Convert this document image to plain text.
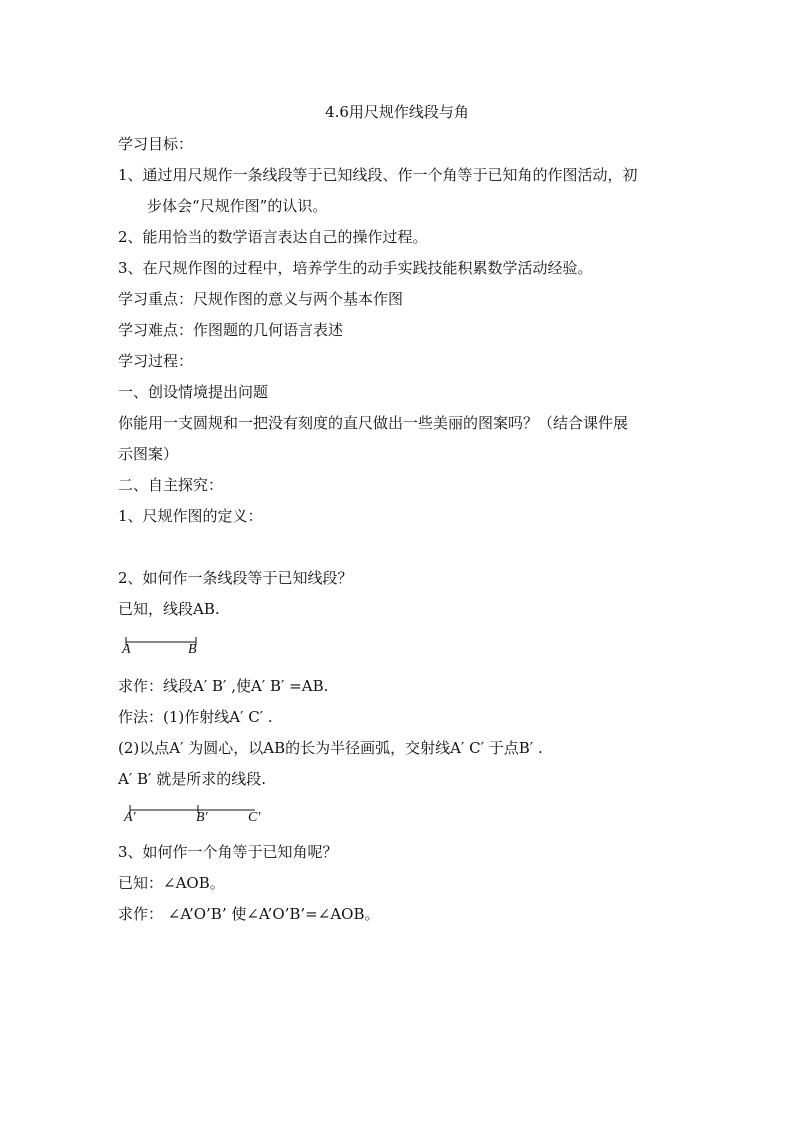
4.6用尺规作线段与角
学习目标：
1、通过用尺规作一条线段等于已知线段、作一个角等于已知角的作图活动，初
步体会“尺规作图”的认识。
2、能用恰当的数学语言表达自己的操作过程。
3、在尺规作图的过程中，培养学生的动手实践技能积累数学活动经验。
学习重点：尺规作图的意义与两个基本作图
学习难点：作图题的几何语言表述
学习过程：
一、创设情境提出问题
你能用一支圆规和一把没有刻度的直尺做出一些美丽的图案吗？（结合课件展
示图案）
二、自主探究：
1、尺规作图的定义：
2、如何作一条线段等于已知线段？
已知，线段AB.
A	B
求作：线段A′ B′ ,使A′ B′ =AB.
作法：(1)作射线A′ C′ .
(2)以点A′ 为圆心，以AB的长为半径画弧，交射线A′ C′ 于点B′ .
A′ B′ 就是所求的线段.
A′	B′	C′
3、如何作一个角等于已知角呢？
已知：∠AOB。
求作： ∠A’O’B’ 使∠A’O’B’=∠AOB。
